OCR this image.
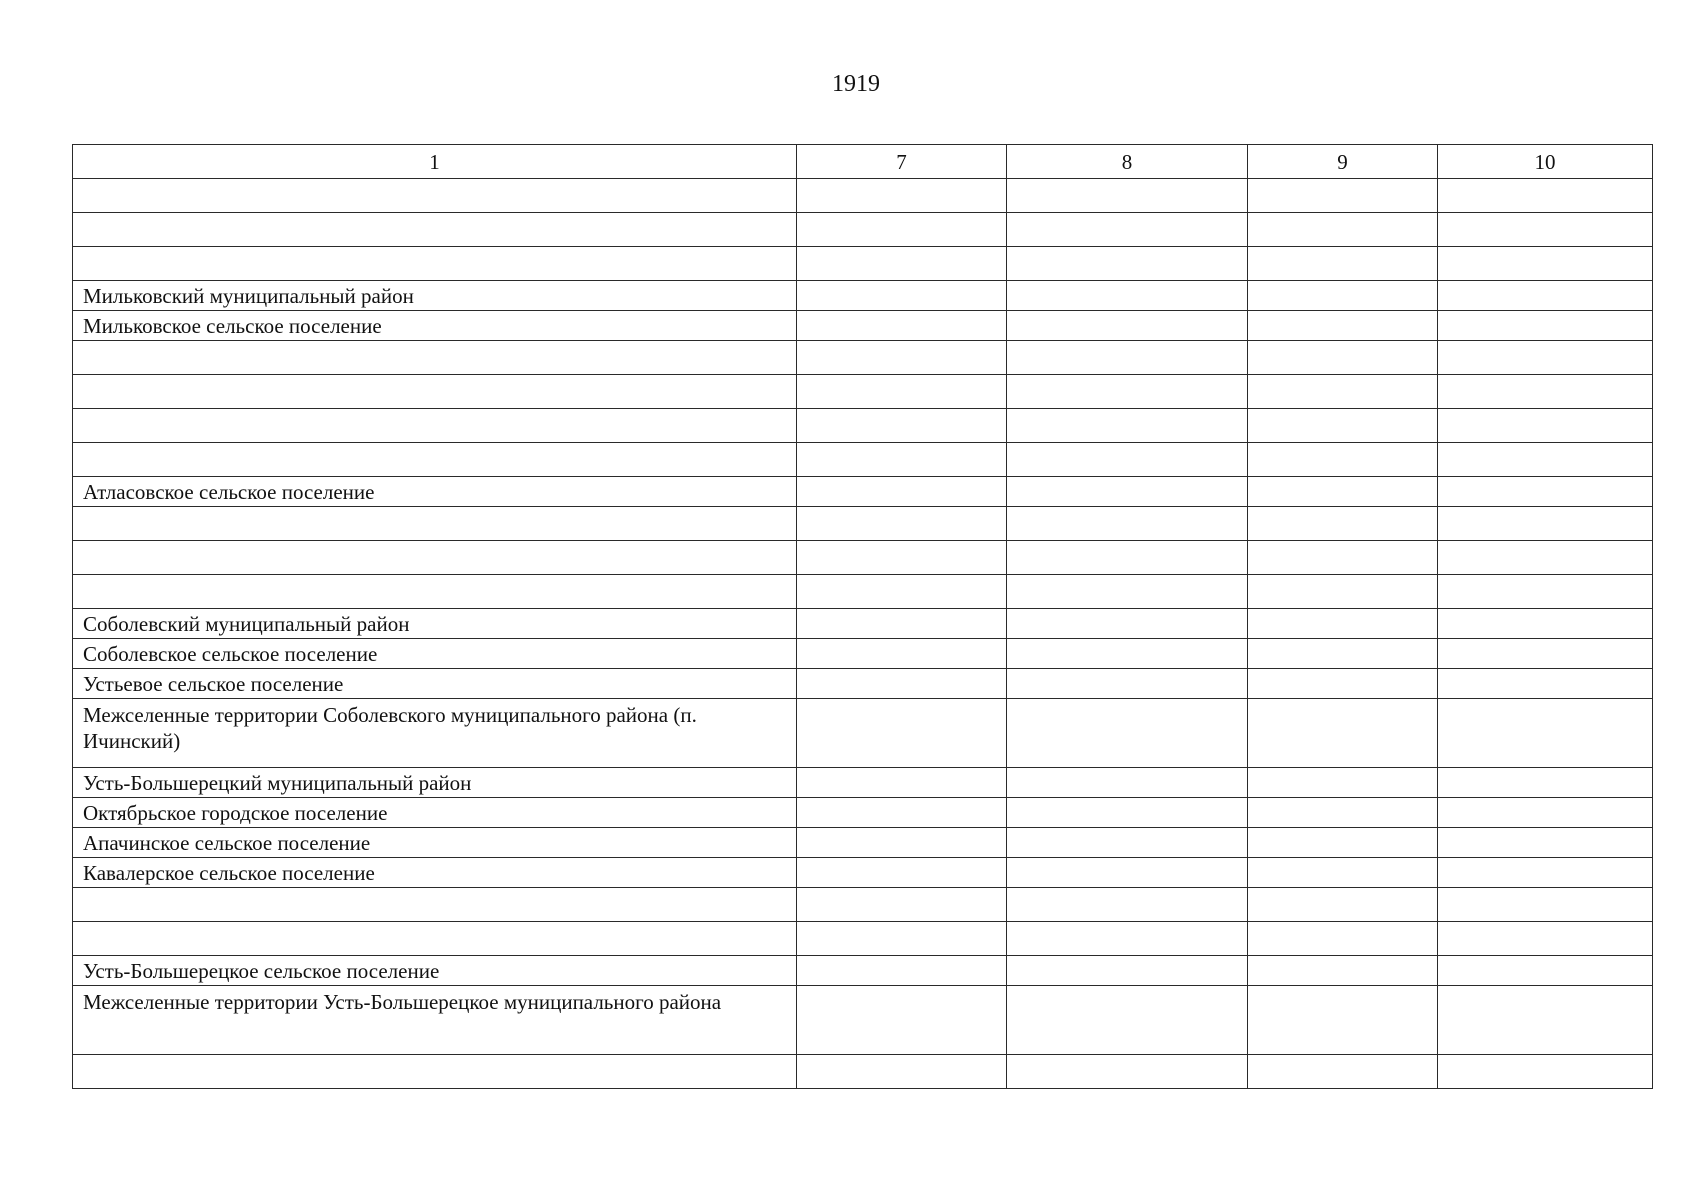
1919
1	7	8	9	10

Мильковский муниципальный район				
Мильковское сельское поселение				

Атласовское сельское поселение				

Соболевский муниципальный район				
Соболевское сельское поселение				
Устьевое сельское поселение				
Межселенные территории Соболевского муниципального района (п. Ичинский)				
Усть-Большерецкий муниципальный район				
Октябрьское городское поселение				
Апачинское сельское поселение				
Кавалерское сельское поселение				

Усть-Большерецкое сельское поселение				
Межселенные территории Усть-Большерецкое муниципального района				
